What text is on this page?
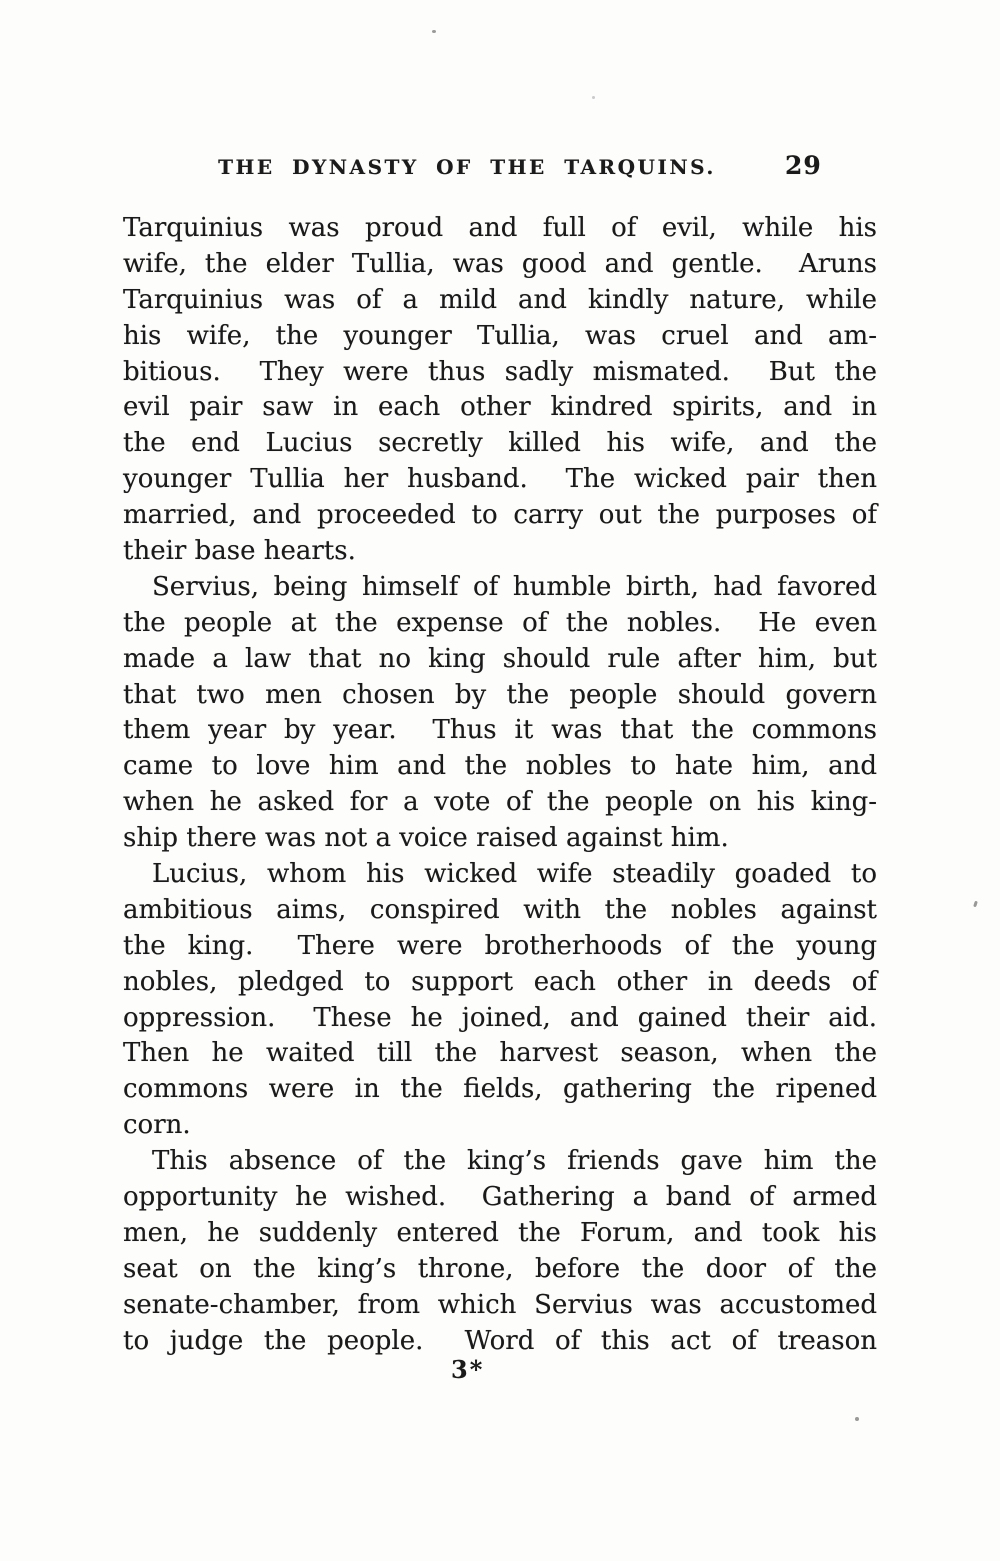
THE DYNASTY OF THE TARQUINS.	29
Tarquinius was proud and full of evil, while his
wife, the elder Tullia, was good and gentle.  Aruns
Tarquinius was of a mild and kindly nature, while
his wife, the younger Tullia, was cruel and am-
bitious.  They were thus sadly mismated.  But the
evil pair saw in each other kindred spirits, and in
the end Lucius secretly killed his wife, and the
younger Tullia her husband.  The wicked pair then
married, and proceeded to carry out the purposes of
their base hearts.
Servius, being himself of humble birth, had favored
the people at the expense of the nobles.  He even
made a law that no king should rule after him, but
that two men chosen by the people should govern
them year by year.  Thus it was that the commons
came to love him and the nobles to hate him, and
when he asked for a vote of the people on his king-
ship there was not a voice raised against him.
Lucius, whom his wicked wife steadily goaded to
ambitious aims, conspired with the nobles against
the king.  There were brotherhoods of the young
nobles, pledged to support each other in deeds of
oppression.  These he joined, and gained their aid.
Then he waited till the harvest season, when the
commons were in the fields, gathering the ripened
corn.
This absence of the king’s friends gave him the
opportunity he wished.  Gathering a band of armed
men, he suddenly entered the Forum, and took his
seat on the king’s throne, before the door of the
senate-chamber, from which Servius was accustomed
to judge the people.  Word of this act of treason
3*
